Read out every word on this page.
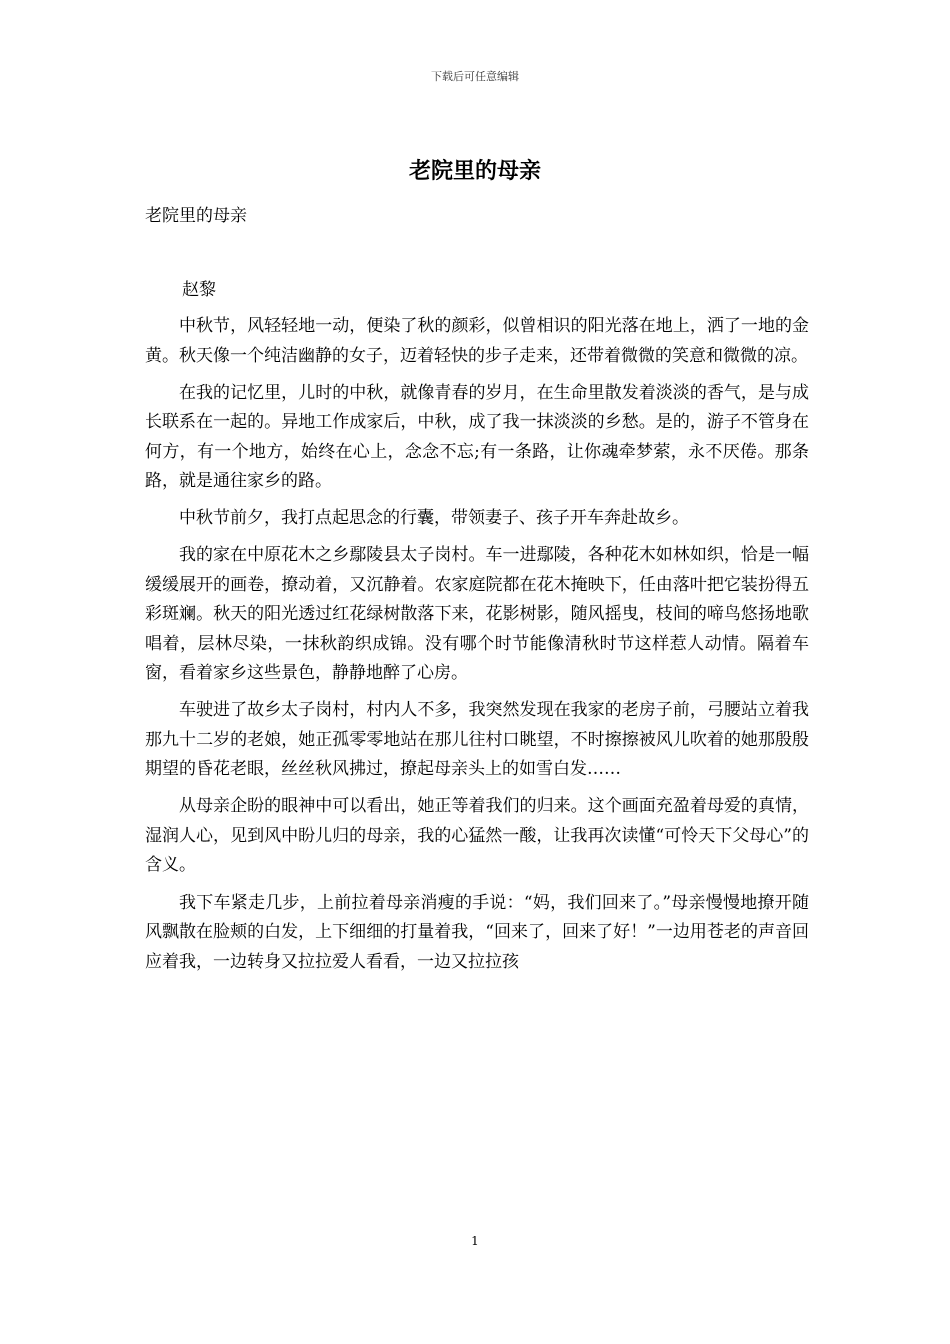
下载后可任意编辑
老院里的母亲

老院里的母亲

赵黎

中秋节，风轻轻地一动，便染了秋的颜彩，似曾相识的阳光落在地上，洒了一地的金黄。秋天像一个纯洁幽静的女子，迈着轻快的步子走来，还带着微微的笑意和微微的凉。

在我的记忆里，儿时的中秋，就像青春的岁月，在生命里散发着淡淡的香气，是与成长联系在一起的。异地工作成家后，中秋，成了我一抹淡淡的乡愁。是的，游子不管身在何方，有一个地方，始终在心上，念念不忘;有一条路，让你魂牵梦萦，永不厌倦。那条路，就是通往家乡的路。

中秋节前夕，我打点起思念的行囊，带领妻子、孩子开车奔赴故乡。

我的家在中原花木之乡鄢陵县太子岗村。车一进鄢陵，各种花木如林如织，恰是一幅缓缓展开的画卷，撩动着，又沉静着。农家庭院都在花木掩映下，任由落叶把它装扮得五彩斑斓。秋天的阳光透过红花绿树散落下来，花影树影，随风摇曳，枝间的啼鸟悠扬地歌唱着，层林尽染，一抹秋韵织成锦。没有哪个时节能像清秋时节这样惹人动情。隔着车窗，看着家乡这些景色，静静地醉了心房。

车驶进了故乡太子岗村，村内人不多，我突然发现在我家的老房子前，弓腰站立着我那九十二岁的老娘，她正孤零零地站在那儿往村口眺望，不时擦擦被风儿吹着的她那殷殷期望的昏花老眼，丝丝秋风拂过，撩起母亲头上的如雪白发……

从母亲企盼的眼神中可以看出，她正等着我们的归来。这个画面充盈着母爱的真情，湿润人心，见到风中盼儿归的母亲，我的心猛然一酸，让我再次读懂“可怜天下父母心”的含义。

我下车紧走几步，上前拉着母亲消瘦的手说：“妈，我们回来了。”母亲慢慢地撩开随风飘散在脸颊的白发，上下细细的打量着我，“回来了，回来了好！”一边用苍老的声音回应着我，一边转身又拉拉爱人看看，一边又拉拉孩

1
